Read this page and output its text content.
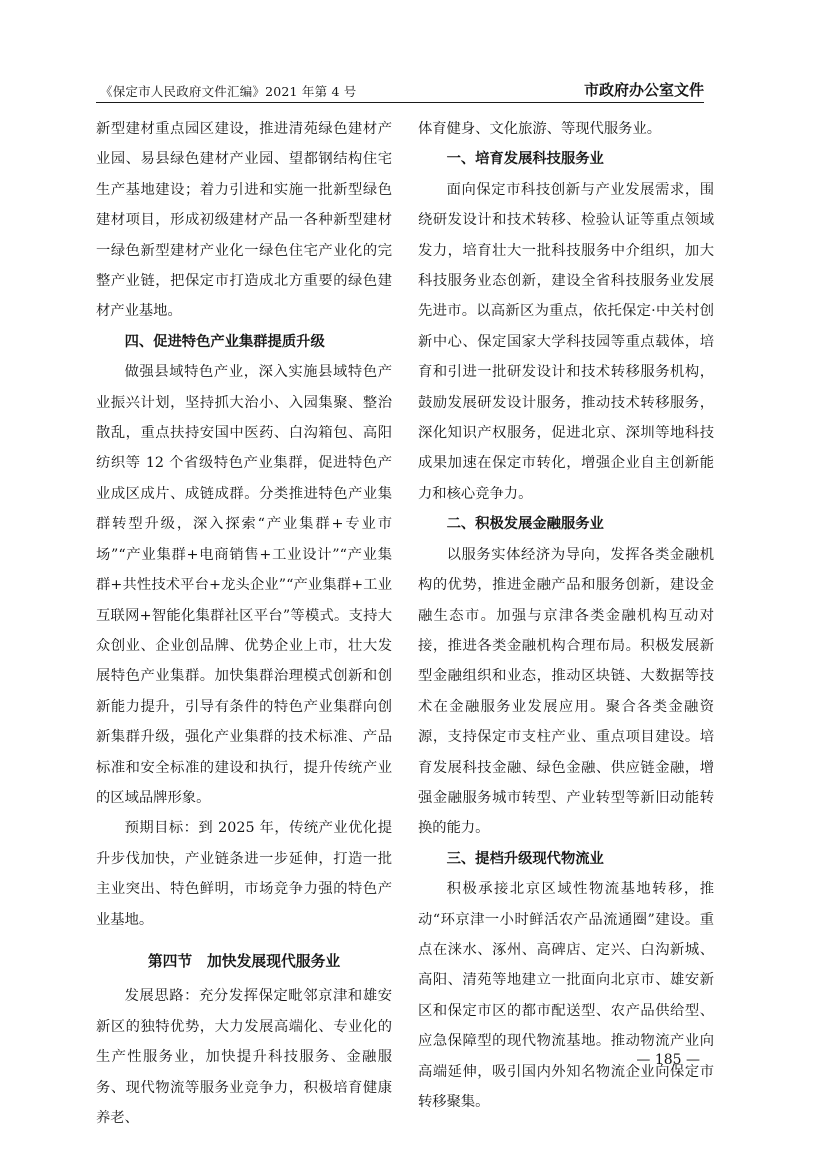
《保定市人民政府文件汇编》2021 年第 4 号	市政府办公室文件

新型建材重点园区建设，推进清苑绿色建材产业园、易县绿色建材产业园、望都钢结构住宅生产基地建设；着力引进和实施一批新型绿色建材项目，形成初级建材产品一各种新型建材一绿色新型建材产业化一绿色住宅产业化的完整产业链，把保定市打造成北方重要的绿色建材产业基地。

四、促进特色产业集群提质升级

做强县域特色产业，深入实施县域特色产业振兴计划，坚持抓大治小、入园集聚、整治散乱，重点扶持安国中医药、白沟箱包、高阳纺织等 12 个省级特色产业集群，促进特色产业成区成片、成链成群。分类推进特色产业集群转型升级，深入探索“产业集群+专业市场”“产业集群+电商销售+工业设计”“产业集群+共性技术平台+龙头企业”“产业集群+工业互联网+智能化集群社区平台”等模式。支持大众创业、企业创品牌、优势企业上市，壮大发展特色产业集群。加快集群治理模式创新和创新能力提升，引导有条件的特色产业集群向创新集群升级，强化产业集群的技术标准、产品标准和安全标准的建设和执行，提升传统产业的区域品牌形象。

预期目标：到 2025 年，传统产业优化提升步伐加快，产业链条进一步延伸，打造一批主业突出、特色鲜明，市场竞争力强的特色产业基地。

第四节　加快发展现代服务业

发展思路：充分发挥保定毗邻京津和雄安新区的独特优势，大力发展高端化、专业化的生产性服务业，加快提升科技服务、金融服务、现代物流等服务业竞争力，积极培育健康养老、

体育健身、文化旅游、等现代服务业。

一、培育发展科技服务业

面向保定市科技创新与产业发展需求，围绕研发设计和技术转移、检验认证等重点领域发力，培育壮大一批科技服务中介组织，加大科技服务业态创新，建设全省科技服务业发展先进市。以高新区为重点，依托保定·中关村创新中心、保定国家大学科技园等重点载体，培育和引进一批研发设计和技术转移服务机构，鼓励发展研发设计服务，推动技术转移服务，深化知识产权服务，促进北京、深圳等地科技成果加速在保定市转化，增强企业自主创新能力和核心竞争力。

二、积极发展金融服务业

以服务实体经济为导向，发挥各类金融机构的优势，推进金融产品和服务创新，建设金融生态市。加强与京津各类金融机构互动对接，推进各类金融机构合理布局。积极发展新型金融组织和业态，推动区块链、大数据等技术在金融服务业发展应用。聚合各类金融资源，支持保定市支柱产业、重点项目建设。培育发展科技金融、绿色金融、供应链金融，增强金融服务城市转型、产业转型等新旧动能转换的能力。

三、提档升级现代物流业

积极承接北京区域性物流基地转移，推动“环京津一小时鲜活农产品流通圈”建设。重点在涞水、涿州、高碑店、定兴、白沟新城、高阳、清苑等地建立一批面向北京市、雄安新区和保定市区的都市配送型、农产品供给型、应急保障型的现代物流基地。推动物流产业向高端延伸，吸引国内外知名物流企业向保定市转移聚集。

— 185 —
